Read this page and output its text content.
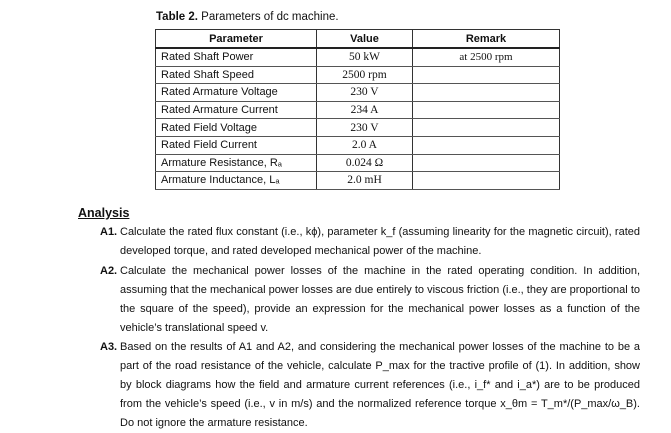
Table 2. Parameters of dc machine.
Parameter	Value	Remark
Rated Shaft Power	50 kW	at 2500 rpm
Rated Shaft Speed	2500 rpm	
Rated Armature Voltage	230 V	
Rated Armature Current	234 A	
Rated Field Voltage	230 V	
Rated Field Current	2.0 A	
Armature Resistance, Rₐ	0.024 Ω	
Armature Inductance, Lₐ	2.0 mH	
Analysis
A1. Calculate the rated flux constant (i.e., kϕ), parameter k_f (assuming linearity for the magnetic circuit), rated developed torque, and rated developed mechanical power of the machine.
A2. Calculate the mechanical power losses of the machine in the rated operating condition. In addition, assuming that the mechanical power losses are due entirely to viscous friction (i.e., they are proportional to the square of the speed), provide an expression for the mechanical power losses as a function of the vehicle’s translational speed v.
A3. Based on the results of A1 and A2, and considering the mechanical power losses of the machine to be a part of the road resistance of the vehicle, calculate P_max for the tractive profile of (1). In addition, show by block diagrams how the field and armature current references (i.e., i_f* and i_a*) are to be produced from the vehicle’s speed (i.e., v in m/s) and the normalized reference torque x_θm = T_m*/(P_max/ω_B). Do not ignore the armature resistance.
